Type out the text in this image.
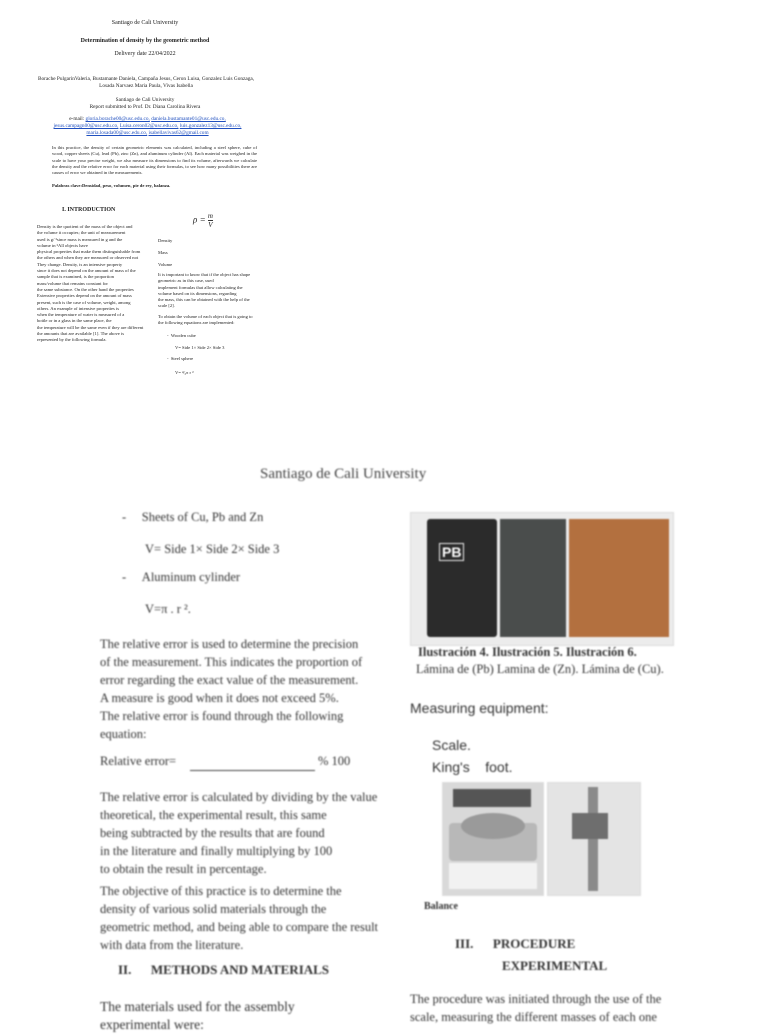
Santiago de Cali University
Determination of density by the geometric method
Delivery date 22/04/2022
Borache PulgarinValeria, Bustamante Daniela, Campaña Jesus, Ceron Luisa, Gonzalez Luis Gonzaga, Losada Narvaez Maria Paula, Vivas Isabella
Santiago de Cali University
Report submitted to Prof. Dr. Diana Carolina Rivera
e-mail: gloria.borache00@usc.edu.co, daniela.bustamante01@usc.edu.co, jesus.campagn00@usc.edu.co, Luisa.ceron02@usc.edu.co, luis.gonzalez13@usc.edu.co, maria.losada00@usc.edu.co, isabellavivas62@gmail.com
In this practice, the density of certain geometric elements was calculated, including a steel sphere, cube of wood, copper sheets (Cu), lead (Pb), zinc (Zn), and aluminum cylinder (Al). Each material was weighed in the scale to have your precise weight, we also measure its dimensions to find its volume, afterwards we calculate the density and the relative error for each material using their formulas, to see how many possibilities there are causes of error we obtained in the measurements.
Palabras clave:Densidad, peso, volumen, pie de rey, balanza.
I. INTRODUCTION
Density is the quotient of the mass of the object and
the volume it occupies; the unit of measurement
used is g/ ³since mass is measured in g and the
volume in ³All objects have
physical properties that make them distinguishable from
the others and when they are measured or observed not
They change. Density, is an intensive property
since it does not depend on the amount of mass of the
sample that is examined, is the proportion
mass/volume that remains constant for
the same substance. On the other hand the properties
Extensive properties depend on the amount of mass
present, such is the case of volume, weight, among
others. An example of intensive properties is
when the temperature of water is measured of a
bottle or in a glass in the same place, the
the temperature will be the same even if they are different
the amounts that are available [1]. The above is
represented by the following formula.
$\rho = \frac{m}{V}$
Density
Mass
Volume
It is important to know that if the object has shape
geometric as in this case, used
implement formulas that allow calculating the
volume based on its dimensions, regarding
the mass, this can be obtained with the help of the
scale [2].
To obtain the volume of each object that is going to
the following equations are implemented:
-  Wooden cube
V= Side 1× Side 2× Side 3
-  Steel sphere
V= ⁴⁄₃π r ³
Santiago de Cali University
-     Sheets of Cu, Pb and Zn
V= Side 1× Side 2× Side 3
-     Aluminum cylinder
V=π . r ².
The relative error is used to determine the precision
of the measurement. This indicates the proportion of
error regarding the exact value of the measurement.
A measure is good when it does not exceed 5%.
The relative error is found through the following
equation:
Relative error=	% 100
The relative error is calculated by dividing by the value
theoretical, the experimental result, this same
being subtracted by the results that are found
in the literature and finally multiplying by 100
to obtain the result in percentage.
The objective of this practice is to determine the
density of various solid materials through the
geometric method, and being able to compare the result
with data from the literature.
II.      METHODS AND MATERIALS
The materials used for the assembly
experimental were:
PB
Ilustración 4. Ilustración 5. Ilustración 6.
Lámina de (Pb) Lamina de (Zn). Lámina de (Cu).
Measuring equipment:
Scale.
King's    foot.
Balance
III.      PROCEDURE
EXPERIMENTAL
The procedure was initiated through the use of the
scale, measuring the different masses of each one
